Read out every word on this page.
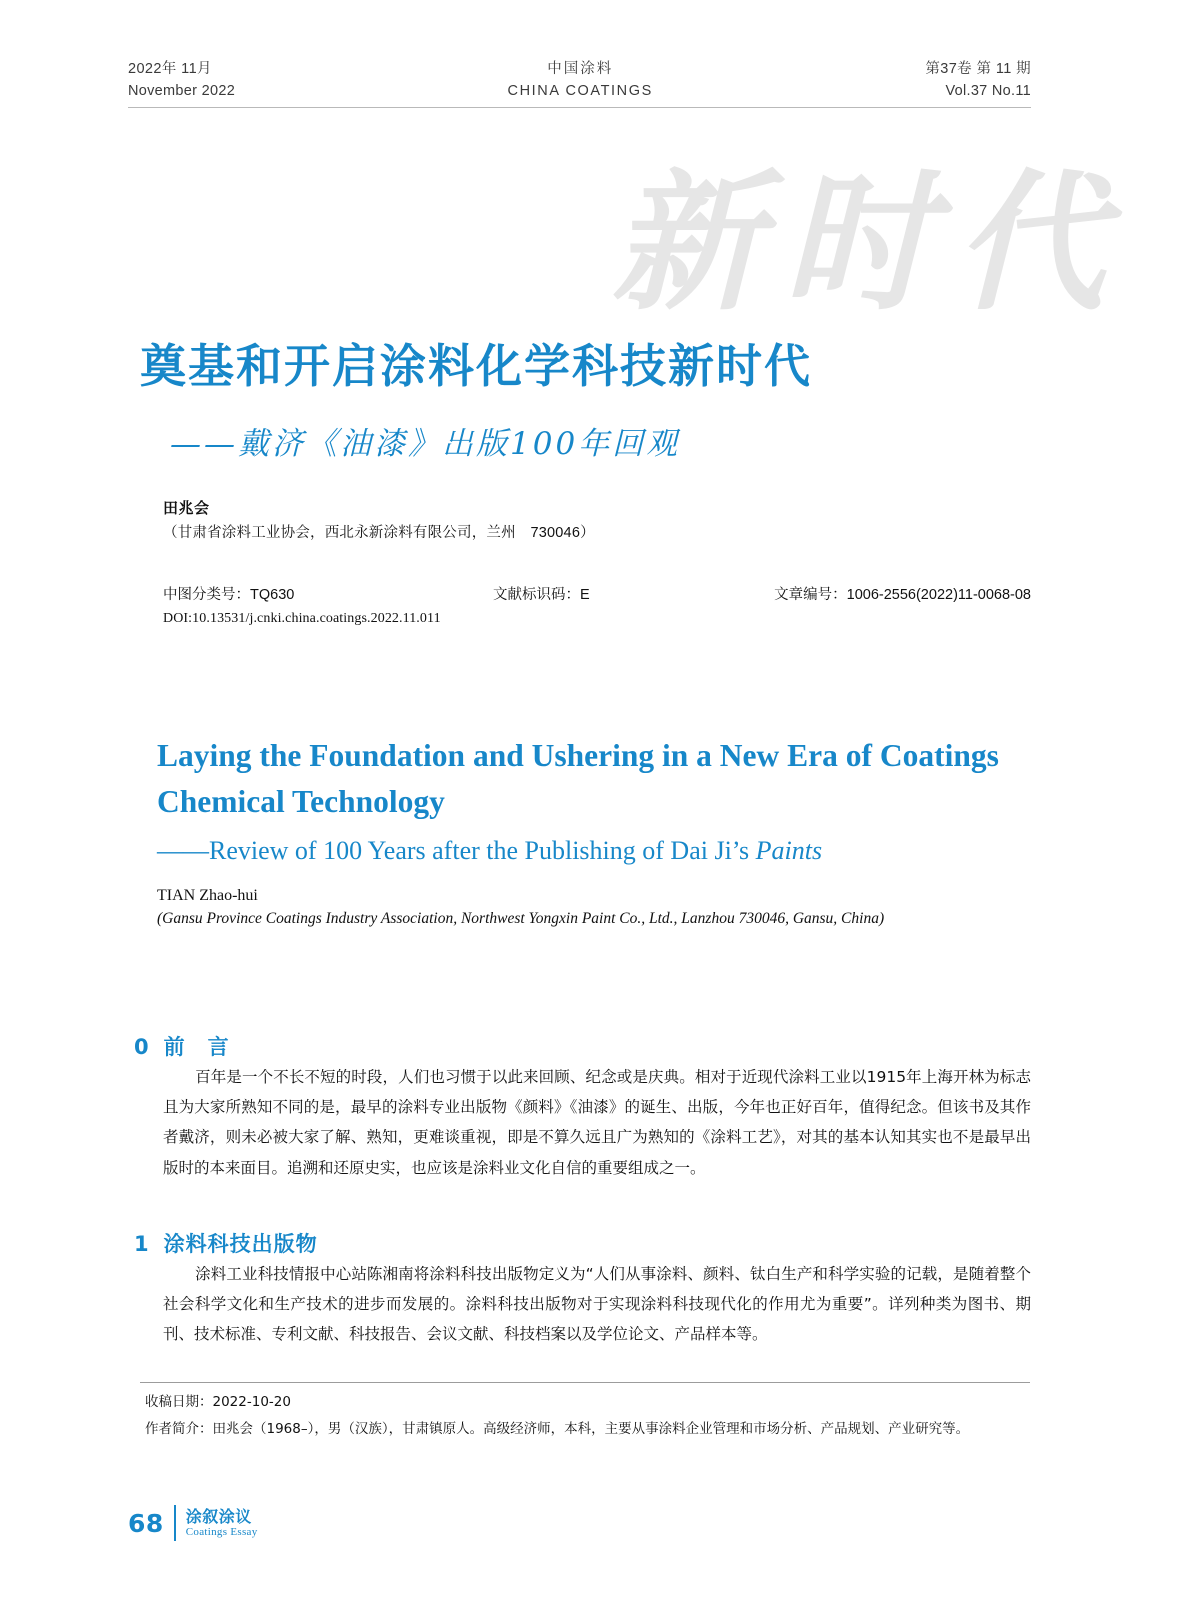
2022年 11月
November 2022
中国涂料
CHINA COATINGS
第37卷 第 11 期
Vol.37 No.11
新时代
奠基和开启涂料化学科技新时代
——戴济《油漆》出版100年回观
田兆会
（甘肃省涂料工业协会，西北永新涂料有限公司，兰州　730046）
中图分类号：TQ630	文献标识码：E	文章编号：1006-2556(2022)11-0068-08
DOI:10.13531/j.cnki.china.coatings.2022.11.011
Laying the Foundation and Ushering in a New Era of Coatings Chemical Technology
——Review of 100 Years after the Publishing of Dai Ji’s Paints
TIAN Zhao-hui
(Gansu Province Coatings Industry Association, Northwest Yongxin Paint Co., Ltd., Lanzhou 730046, Gansu, China)
0 前　言
百年是一个不长不短的时段，人们也习惯于以此来回顾、纪念或是庆典。相对于近现代涂料工业以1915年上海开林为标志且为大家所熟知不同的是，最早的涂料专业出版物《颜料》《油漆》的诞生、出版，今年也正好百年，值得纪念。但该书及其作者戴济，则未必被大家了解、熟知，更难谈重视，即是不算久远且广为熟知的《涂料工艺》，对其的基本认知其实也不是最早出版时的本来面目。追溯和还原史实，也应该是涂料业文化自信的重要组成之一。
1 涂料科技出版物
涂料工业科技情报中心站陈湘南将涂料科技出版物定义为“人们从事涂料、颜料、钛白生产和科学实验的记载，是随着整个社会科学文化和生产技术的进步而发展的。涂料科技出版物对于实现涂料科技现代化的作用尤为重要”。详列种类为图书、期刊、技术标准、专利文献、科技报告、会议文献、科技档案以及学位论文、产品样本等。
收稿日期：2022-10-20
作者简介：田兆会（1968–），男（汉族），甘肃镇原人。高级经济师，本科，主要从事涂料企业管理和市场分析、产品规划、产业研究等。
68 涂叙涂议
Coatings Essay
